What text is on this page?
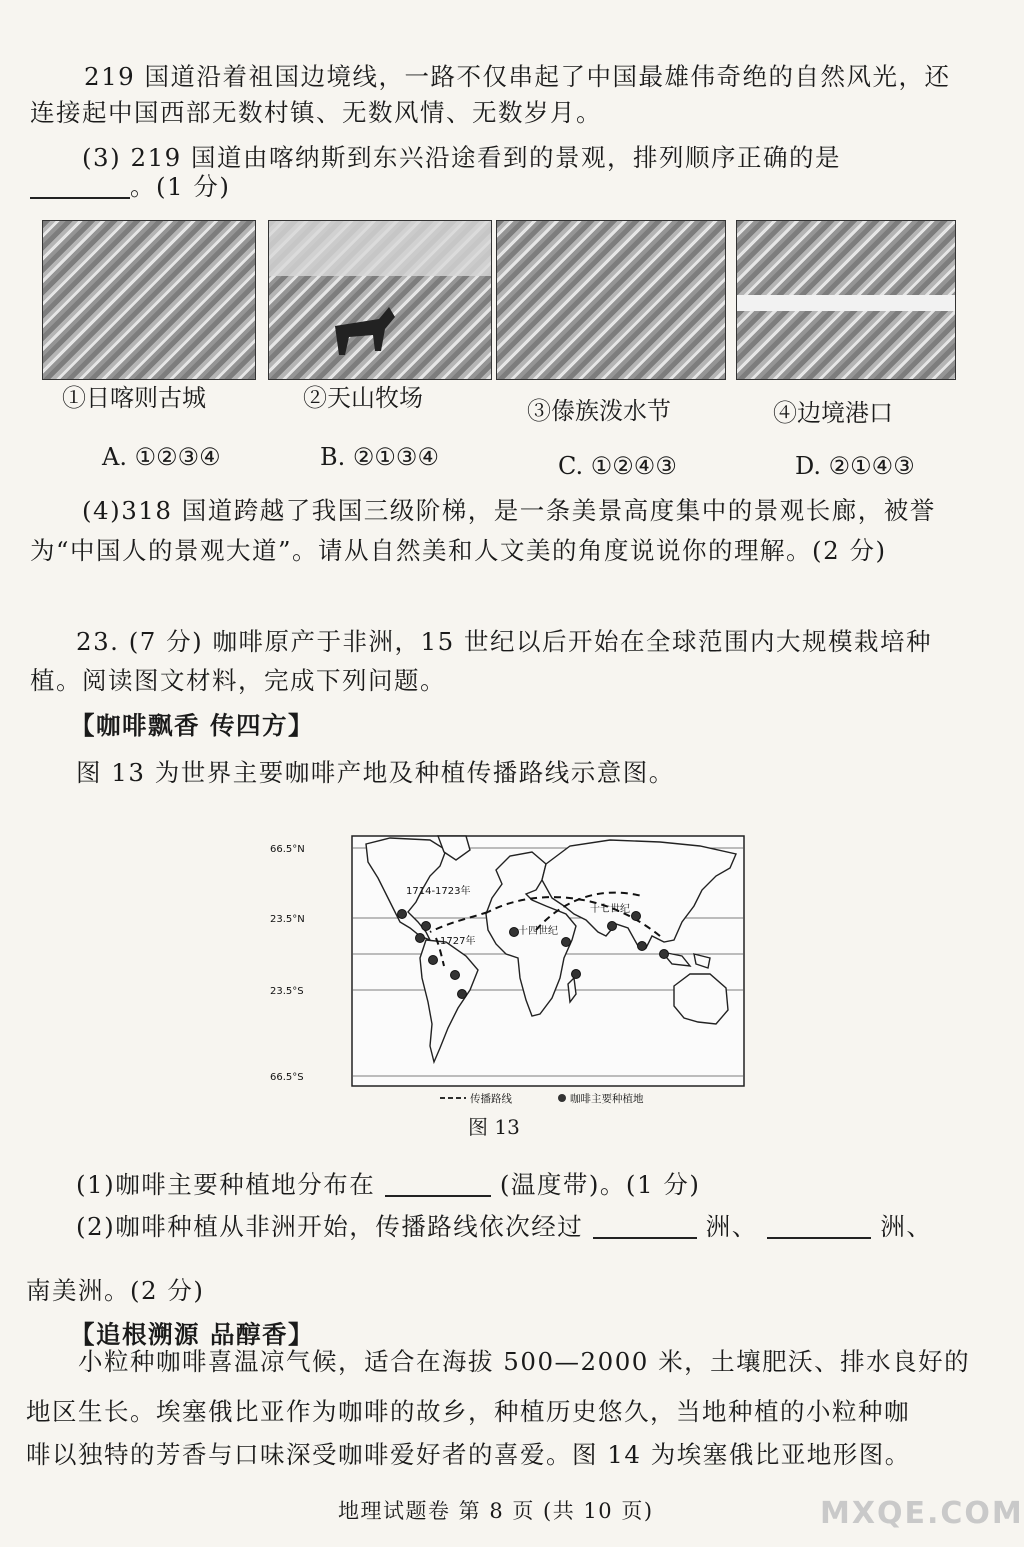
219 国道沿着祖国边境线，一路不仅串起了中国最雄伟奇绝的自然风光，还
连接起中国西部无数村镇、无数风情、无数岁月。
(3) 219 国道由喀纳斯到东兴沿途看到的景观，排列顺序正确的是
。(1 分)
①日喀则古城	②天山牧场	③傣族泼水节	④边境港口
A. ①②③④	B. ②①③④	C. ①②④③	D. ②①④③
(4)318 国道跨越了我国三级阶梯，是一条美景高度集中的景观长廊，被誉
为“中国人的景观大道”。请从自然美和人文美的角度说说你的理解。(2 分)
23. (7 分) 咖啡原产于非洲，15 世纪以后开始在全球范围内大规模栽培种
植。阅读图文材料，完成下列问题。
【咖啡飘香 传四方】
图 13 为世界主要咖啡产地及种植传播路线示意图。
66.5°N
23.5°N
23.5°S
66.5°S
1714-1723年
1727年
十四世纪
十七世纪
传播路线	咖啡主要种植地
图 13
(1)咖啡主要种植地分布在	(温度带)。(1 分)
(2)咖啡种植从非洲开始，传播路线依次经过	洲、	洲、
南美洲。(2 分)
【追根溯源 品醇香】
小粒种咖啡喜温凉气候，适合在海拔 500—2000 米，土壤肥沃、排水良好的
地区生长。埃塞俄比亚作为咖啡的故乡，种植历史悠久，当地种植的小粒种咖
啡以独特的芳香与口味深受咖啡爱好者的喜爱。图 14 为埃塞俄比亚地形图。
地理试题卷 第 8 页 (共 10 页)	MXQE.COM
